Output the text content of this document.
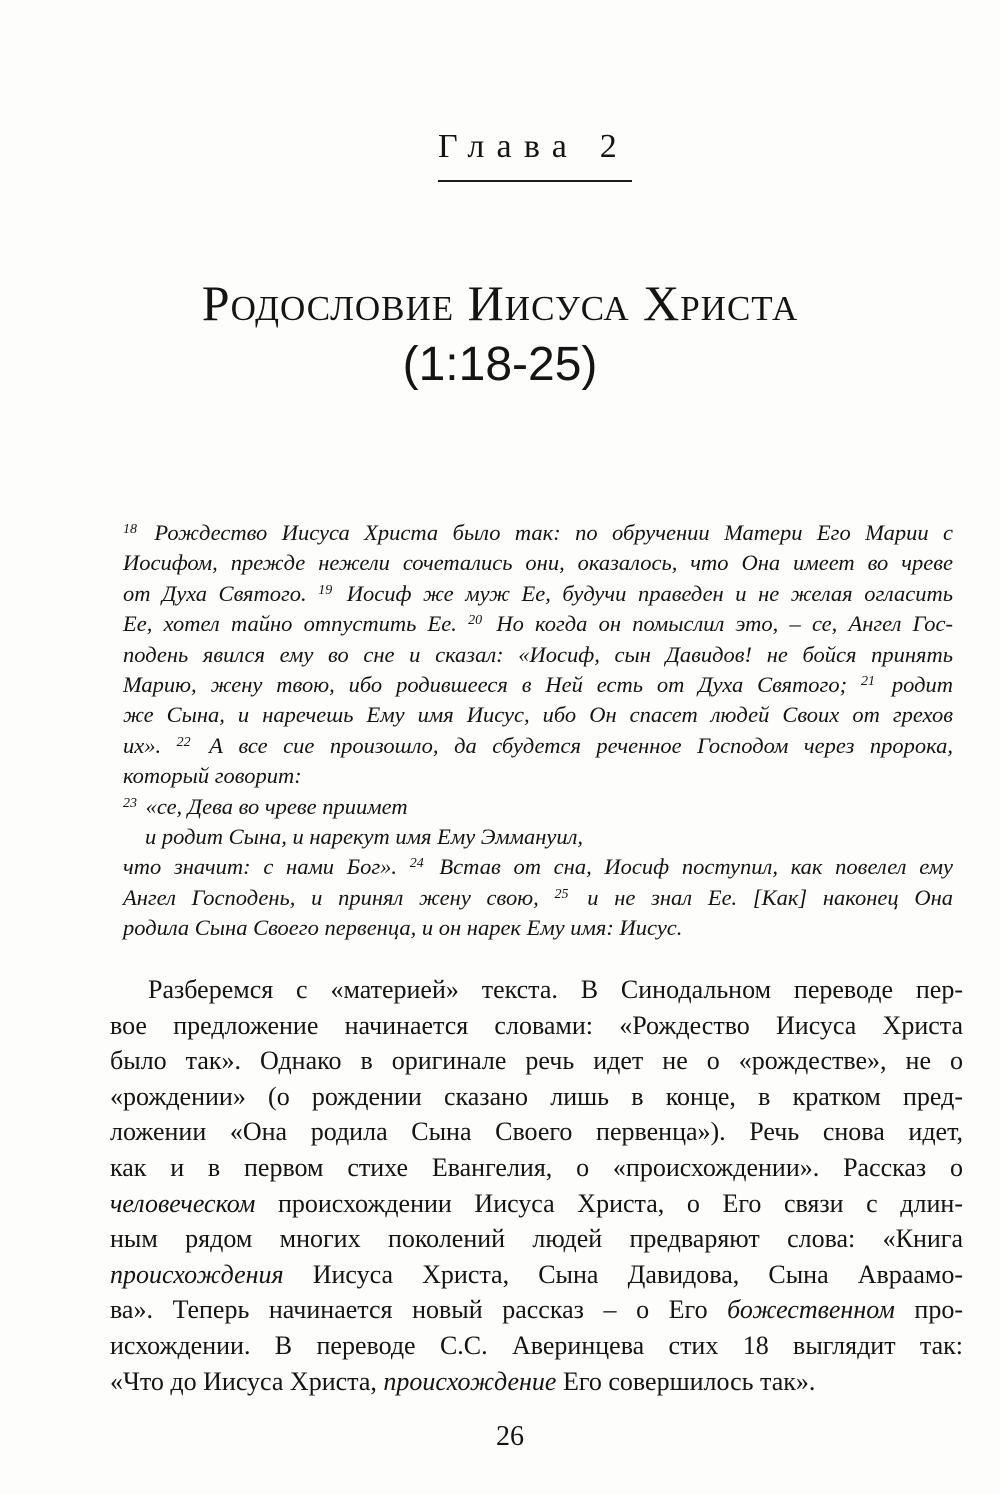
Глава 2
Родословие Иисуса Христа
(1:18-25)
$^{18}$ Рождество Иисуса Христа было так: по обручении Матери Его Марии с
Иосифом, прежде нежели сочетались они, оказалось, что Она имеет во чреве
от Духа Святого. $^{19}$ Иосиф же муж Ее, будучи праведен и не желая огласить
Ее, хотел тайно отпустить Ее. $^{20}$ Но когда он помыслил это, – се, Ангел Гос-
подень явился ему во сне и сказал: «Иосиф, сын Давидов! не бойся принять
Марию, жену твою, ибо родившееся в Ней есть от Духа Святого; $^{21}$ родит
же Сына, и наречешь Ему имя Иисус, ибо Он спасет людей Своих от грехов
их». $^{22}$ А все сие произошло, да сбудется реченное Господом через пророка,
который говорит:
$^{23}$ «се, Дева во чреве приимет
и родит Сына, и нарекут имя Ему Эммануил,
что значит: с нами Бог». $^{24}$ Встав от сна, Иосиф поступил, как повелел ему
Ангел Господень, и принял жену свою, $^{25}$ и не знал Ее. [Как] наконец Она
родила Сына Своего первенца, и он нарек Ему имя: Иисус.
Разберемся с «материей» текста. В Синодальном переводе пер-
вое предложение начинается словами: «Рождество Иисуса Христа
было так». Однако в оригинале речь идет не о «рождестве», не о
«рождении» (о рождении сказано лишь в конце, в кратком пред-
ложении «Она родила Сына Своего первенца»). Речь снова идет,
как и в первом стихе Евангелия, о «происхождении». Рассказ о
человеческом происхождении Иисуса Христа, о Его связи с длин-
ным рядом многих поколений людей предваряют слова: «Книга
происхождения Иисуса Христа, Сына Давидова, Сына Авраамо-
ва». Теперь начинается новый рассказ – о Его божественном про-
исхождении. В переводе С.С. Аверинцева стих 18 выглядит так:
«Что до Иисуса Христа, происхождение Его совершилось так».
26
